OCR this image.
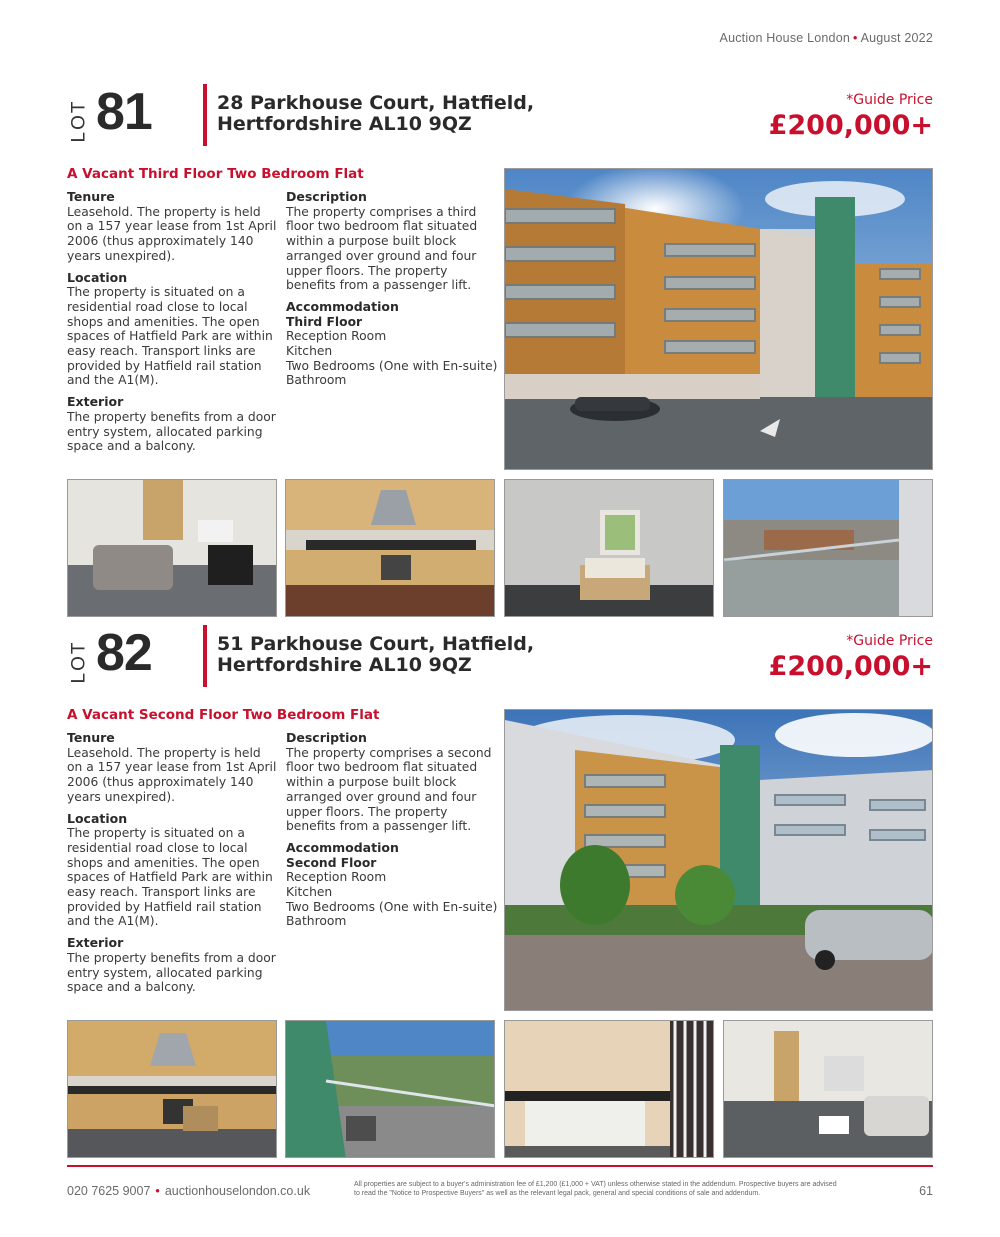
Auction House London • August 2022
LOT 81	28 Parkhouse Court, Hatfield,
Hertfordshire AL10 9QZ
*Guide Price
£200,000+
A Vacant Third Floor Two Bedroom Flat
Tenure

Leasehold. The property is held on a 157 year lease from 1st April 2006 (thus approximately 140 years unexpired).

Location

The property is situated on a residential road close to local shops and amenities. The open spaces of Hatfield Park are within easy reach. Transport links are provided by Hatfield rail station and the A1(M).

Exterior

The property benefits from a door entry system, allocated parking space and a balcony.

Description

The property comprises a third floor two bedroom flat situated within a purpose built block arranged over ground and four upper floors. The property benefits from a passenger lift.

Accommodation
Third Floor
Reception Room
Kitchen
Two Bedrooms (One with En-suite)
Bathroom
LOT 82	51 Parkhouse Court, Hatfield,
Hertfordshire AL10 9QZ
*Guide Price
£200,000+
A Vacant Second Floor Two Bedroom Flat
Tenure

Leasehold. The property is held on a 157 year lease from 1st April 2006 (thus approximately 140 years unexpired).

Location

The property is situated on a residential road close to local shops and amenities. The open spaces of Hatfield Park are within easy reach. Transport links are provided by Hatfield rail station and the A1(M).

Exterior

The property benefits from a door entry system, allocated parking space and a balcony.

Description

The property comprises a second floor two bedroom flat situated within a purpose built block arranged over ground and four upper floors. The property benefits from a passenger lift.

Accommodation
Second Floor
Reception Room
Kitchen
Two Bedrooms (One with En-suite)
Bathroom
020 7625 9007 • auctionhouselondon.co.uk	All properties are subject to a buyer's administration fee of £1,200 (£1,000 + VAT) unless otherwise stated in the addendum. Prospective buyers are advised to read the "Notice to Prospective Buyers" as well as the relevant legal pack, general and special conditions of sale and addendum.	61
